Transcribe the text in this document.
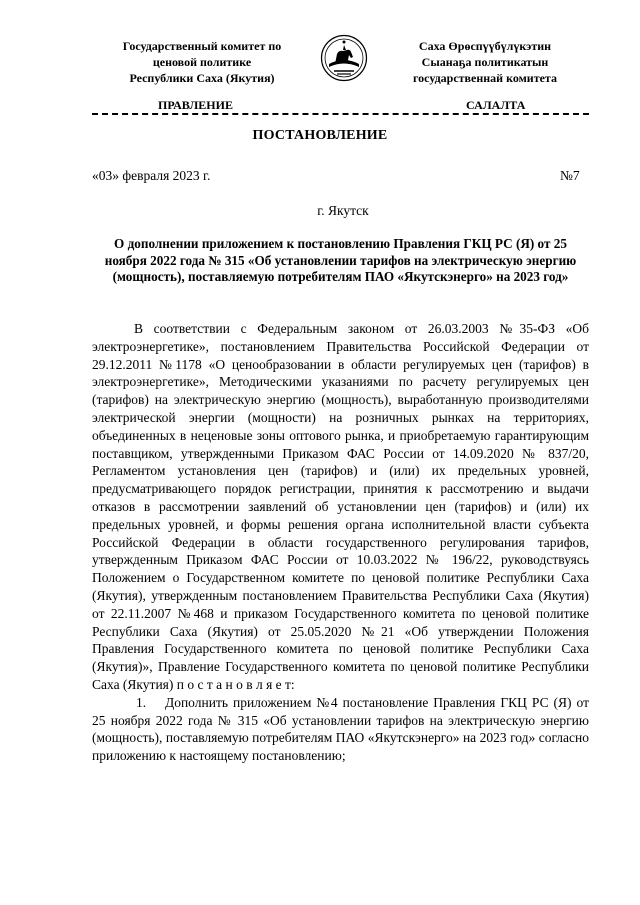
Государственный комитет по
ценовой политике
Республики Саха (Якутия)
Саха Өрөспүүбүлүкэтин
Сыанаҕа политикатын
государственнай комитета
ПРАВЛЕНИЕ	САЛАЛТА
ПОСТАНОВЛЕНИЕ
«03» февраля 2023 г.	№7
г. Якутск
О дополнении приложением к постановлению Правления ГКЦ РС (Я) от 25 ноября 2022 года № 315 «Об установлении тарифов на электрическую энергию (мощность), поставляемую потребителям ПАО «Якутскэнерго» на 2023 год»

В соответствии с Федеральным законом от 26.03.2003 №35-ФЗ «Об электроэнергетике», постановлением Правительства Российской Федерации от 29.12.2011 №1178 «О ценообразовании в области регулируемых цен (тарифов) в электроэнергетике», Методическими указаниями по расчету регулируемых цен (тарифов) на электрическую энергию (мощность), выработанную производителями электрической энергии (мощности) на розничных рынках на территориях, объединенных в неценовые зоны оптового рынка, и приобретаемую гарантирующим поставщиком, утвержденными Приказом ФАС России от 14.09.2020 № 837/20, Регламентом установления цен (тарифов) и (или) их предельных уровней, предусматривающего порядок регистрации, принятия к рассмотрению и выдачи отказов в рассмотрении заявлений об установлении цен (тарифов) и (или) их предельных уровней, и формы решения органа исполнительной власти субъекта Российской Федерации в области государственного регулирования тарифов, утвержденным Приказом ФАС России от 10.03.2022 № 196/22, руководствуясь Положением о Государственном комитете по ценовой политике Республики Саха (Якутия), утвержденным постановлением Правительства Республики Саха (Якутия) от 22.11.2007 №468 и приказом Государственного комитета по ценовой политике Республики Саха (Якутия) от 25.05.2020 №21 «Об утверждении Положения Правления Государственного комитета по ценовой политике Республики Саха (Якутия)», Правление Государственного комитета по ценовой политике Республики Саха (Якутия) п о с т а н о в л я е т:

1. Дополнить приложением №4 постановление Правления ГКЦ РС (Я) от 25 ноября 2022 года № 315 «Об установлении тарифов на электрическую энергию (мощность), поставляемую потребителям ПАО «Якутскэнерго» на 2023 год» согласно приложению к настоящему постановлению;
